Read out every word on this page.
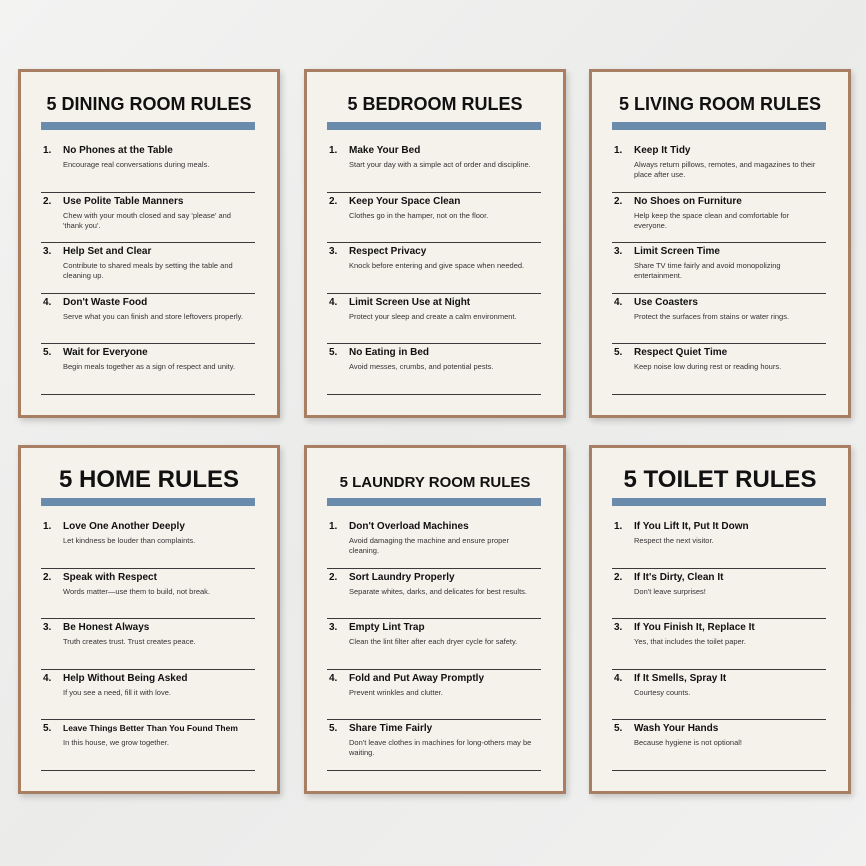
5 DINING ROOM RULES
1. No Phones at the Table
Encourage real conversations during meals.
2. Use Polite Table Manners
Chew with your mouth closed and say 'please' and 'thank you'.
3. Help Set and Clear
Contribute to shared meals by setting the table and cleaning up.
4. Don't Waste Food
Serve what you can finish and store leftovers properly.
5. Wait for Everyone
Begin meals together as a sign of respect and unity.
5 BEDROOM RULES
1. Make Your Bed
Start your day with a simple act of order and discipline.
2. Keep Your Space Clean
Clothes go in the hamper, not on the floor.
3. Respect Privacy
Knock before entering and give space when needed.
4. Limit Screen Use at Night
Protect your sleep and create a calm environment.
5. No Eating in Bed
Avoid messes, crumbs, and potential pests.
5 LIVING ROOM RULES
1. Keep It Tidy
Always return pillows, remotes, and magazines to their place after use.
2. No Shoes on Furniture
Help keep the space clean and comfortable for everyone.
3. Limit Screen Time
Share TV time fairly and avoid monopolizing entertainment.
4. Use Coasters
Protect the surfaces from stains or water rings.
5. Respect Quiet Time
Keep noise low during rest or reading hours.
5 HOME RULES
1. Love One Another Deeply
Let kindness be louder than complaints.
2. Speak with Respect
Words matter—use them to build, not break.
3. Be Honest Always
Truth creates trust. Trust creates peace.
4. Help Without Being Asked
If you see a need, fill it with love.
5. Leave Things Better Than You Found Them
In this house, we grow together.
5 LAUNDRY ROOM RULES
1. Don't Overload Machines
Avoid damaging the machine and ensure proper cleaning.
2. Sort Laundry Properly
Separate whites, darks, and delicates for best results.
3. Empty Lint Trap
Clean the lint filter after each dryer cycle for safety.
4. Fold and Put Away Promptly
Prevent wrinkles and clutter.
5. Share Time Fairly
Don't leave clothes in machines for long-others may be waiting.
5 TOILET RULES
1. If You Lift It, Put It Down
Respect the next visitor.
2. If It's Dirty, Clean It
Don't leave surprises!
3. If You Finish It, Replace It
Yes, that includes the toilet paper.
4. If It Smells, Spray It
Courtesy counts.
5. Wash Your Hands
Because hygiene is not optional!
